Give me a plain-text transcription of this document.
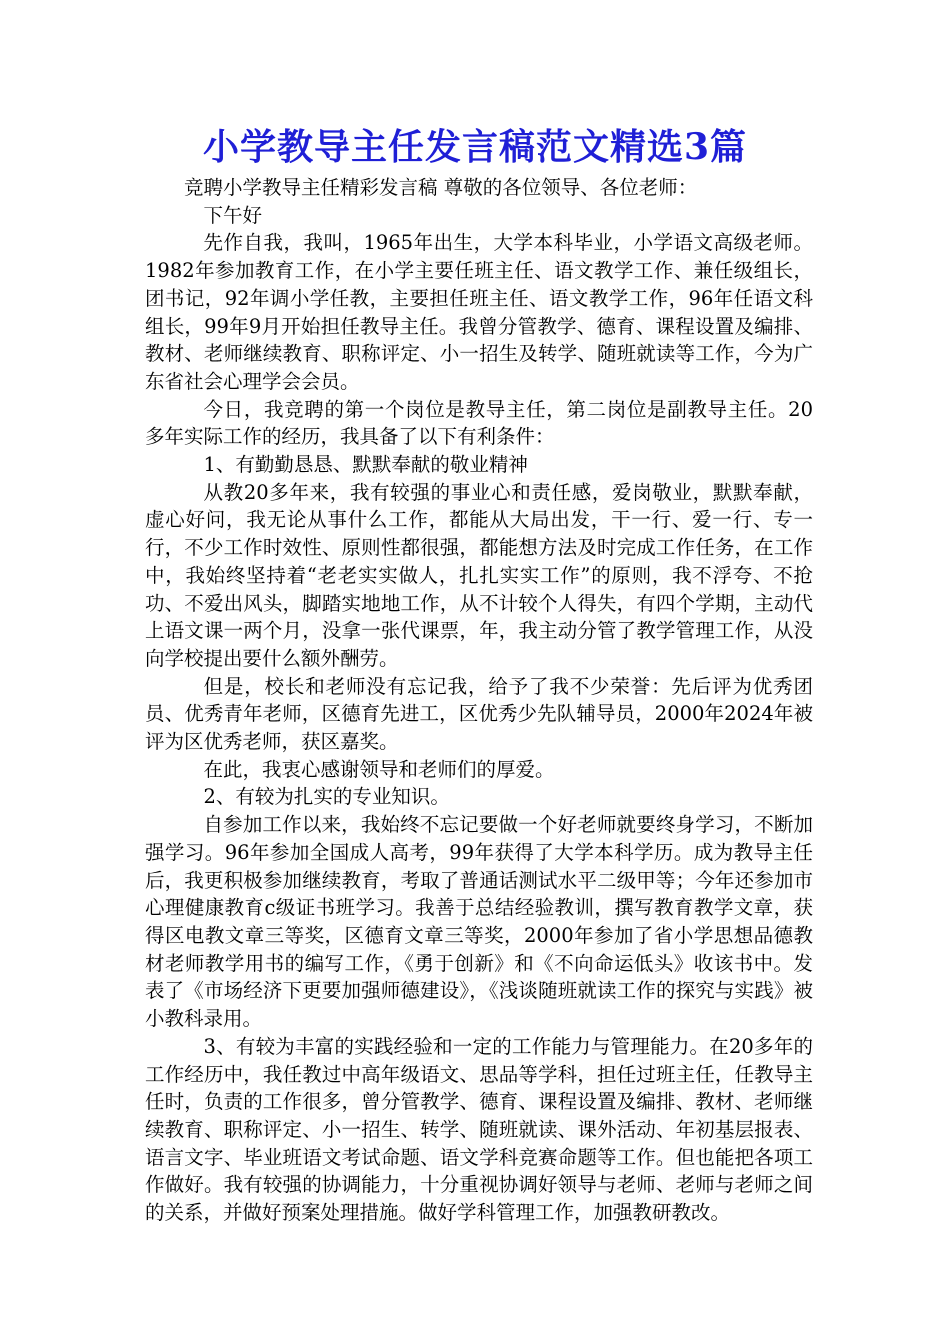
小学教导主任发言稿范文精选3篇

竞聘小学教导主任精彩发言稿 尊敬的各位领导、各位老师：

下午好

先作自我，我叫，1965年出生，大学本科毕业，小学语文高级老师。1982年参加教育工作，在小学主要任班主任、语文教学工作、兼任级组长，团书记，92年调小学任教，主要担任班主任、语文教学工作，96年任语文科组长，99年9月开始担任教导主任。我曾分管教学、德育、课程设置及编排、教材、老师继续教育、职称评定、小一招生及转学、随班就读等工作，今为广东省社会心理学会会员。

今日，我竞聘的第一个岗位是教导主任，第二岗位是副教导主任。20多年实际工作的经历，我具备了以下有利条件：

1、有勤勤恳恳、默默奉献的敬业精神

从教20多年来，我有较强的事业心和责任感，爱岗敬业，默默奉献，虚心好问，我无论从事什么工作，都能从大局出发，干一行、爱一行、专一行，不少工作时效性、原则性都很强，都能想方法及时完成工作任务，在工作中，我始终坚持着“老老实实做人，扎扎实实工作”的原则，我不浮夸、不抢功、不爱出风头，脚踏实地地工作，从不计较个人得失，有四个学期，主动代上语文课一两个月，没拿一张代课票，年，我主动分管了教学管理工作，从没向学校提出要什么额外酬劳。

但是，校长和老师没有忘记我，给予了我不少荣誉：先后评为优秀团员、优秀青年老师，区德育先进工，区优秀少先队辅导员，2000年2024年被评为区优秀老师，获区嘉奖。

在此，我衷心感谢领导和老师们的厚爱。

2、有较为扎实的专业知识。

自参加工作以来，我始终不忘记要做一个好老师就要终身学习，不断加强学习。96年参加全国成人高考，99年获得了大学本科学历。成为教导主任后，我更积极参加继续教育，考取了普通话测试水平二级甲等；今年还参加市心理健康教育c级证书班学习。我善于总结经验教训，撰写教育教学文章，获得区电教文章三等奖，区德育文章三等奖，2000年参加了省小学思想品德教材老师教学用书的编写工作，《勇于创新》和《不向命运低头》收该书中。发表了《市场经济下更要加强师德建设》，《浅谈随班就读工作的探究与实践》被小教科录用。

3、有较为丰富的实践经验和一定的工作能力与管理能力。在20多年的工作经历中，我任教过中高年级语文、思品等学科，担任过班主任，任教导主任时，负责的工作很多，曾分管教学、德育、课程设置及编排、教材、老师继续教育、职称评定、小一招生、转学、随班就读、课外活动、年初基层报表、语言文字、毕业班语文考试命题、语文学科竞赛命题等工作。但也能把各项工作做好。我有较强的协调能力，十分重视协调好领导与老师、老师与老师之间的关系，并做好预案处理措施。做好学科管理工作，加强教研教改。
